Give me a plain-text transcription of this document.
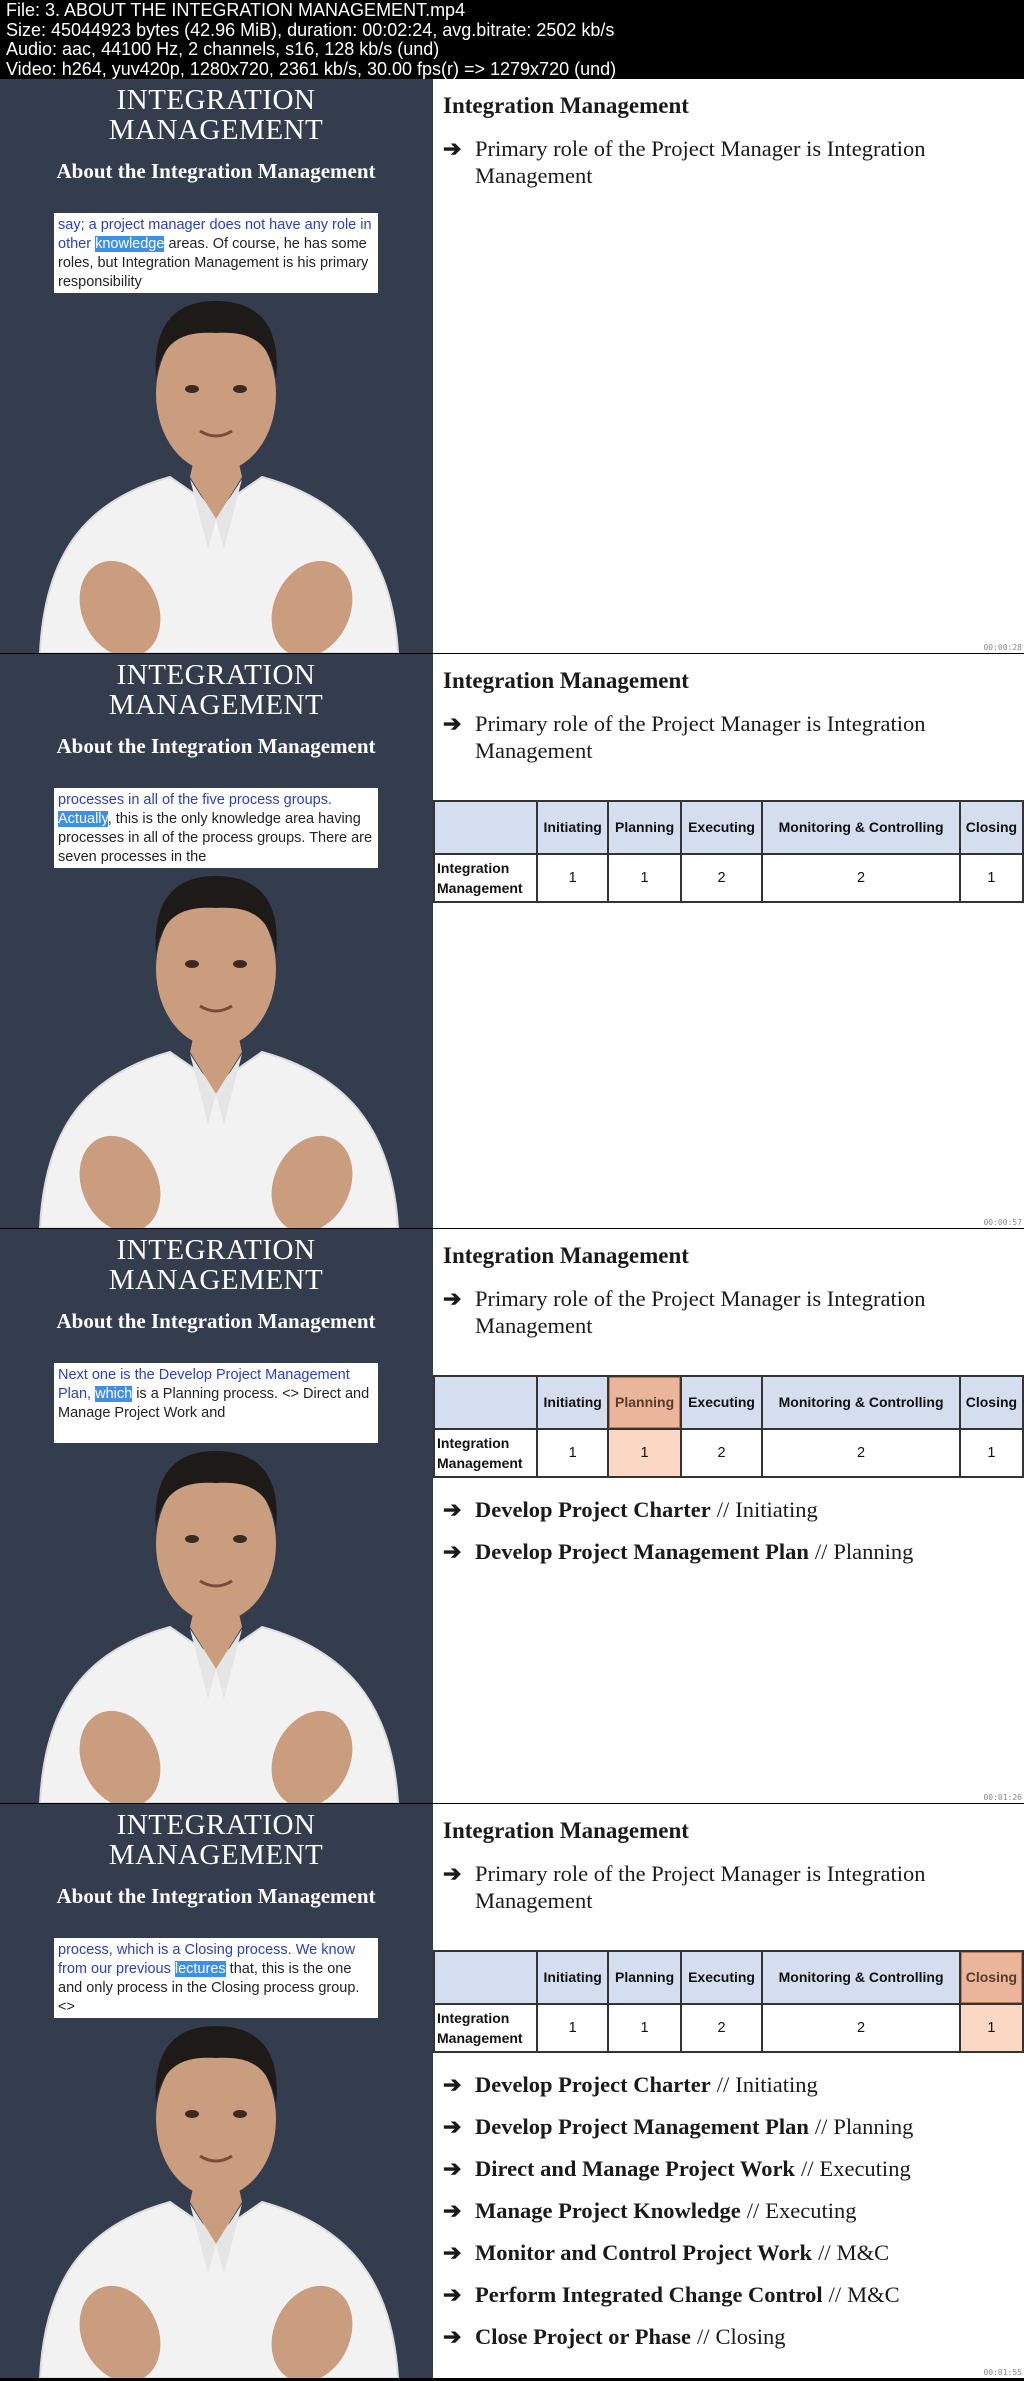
File: 3. ABOUT THE INTEGRATION MANAGEMENT.mp4
Size: 45044923 bytes (42.96 MiB), duration: 00:02:24, avg.bitrate: 2502 kb/s
Audio: aac, 44100 Hz, 2 channels, s16, 128 kb/s (und)
Video: h264, yuv420p, 1280x720, 2361 kb/s, 30.00 fps(r) => 1279x720 (und)
INTEGRATION
MANAGEMENT
About the Integration Management
say; a project manager does not have any role in other knowledge areas. Of course, he has some roles, but Integration Management is his primary responsibility
Integration Management
➔ Primary role of the Project Manager is Integration
Management
00:00:28
INTEGRATION
MANAGEMENT
About the Integration Management
processes in all of the five process groups. Actually, this is the only knowledge area having processes in all of the process groups. There are seven processes in the
Integration Management
➔ Primary role of the Project Manager is Integration
Management
	Initiating	Planning	Executing	Monitoring & Controlling	Closing
Integration Management	1	1	2	2	1
00:00:57
INTEGRATION
MANAGEMENT
About the Integration Management
Next one is the Develop Project Management Plan, which is a Planning process. <> Direct and Manage Project Work and
Integration Management
➔ Primary role of the Project Manager is Integration
Management
	Initiating	Planning	Executing	Monitoring & Controlling	Closing
Integration Management	1	1	2	2	1
➔ Develop Project Charter // Initiating
➔ Develop Project Management Plan // Planning
00:01:26
INTEGRATION
MANAGEMENT
About the Integration Management
process, which is a Closing process. We know from our previous lectures that, this is the one and only process in the Closing process group. <>
Integration Management
➔ Primary role of the Project Manager is Integration
Management
	Initiating	Planning	Executing	Monitoring & Controlling	Closing
Integration Management	1	1	2	2	1
➔ Develop Project Charter // Initiating
➔ Develop Project Management Plan // Planning
➔ Direct and Manage Project Work // Executing
➔ Manage Project Knowledge // Executing
➔ Monitor and Control Project Work // M&C
➔ Perform Integrated Change Control // M&C
➔ Close Project or Phase // Closing
00:01:55
